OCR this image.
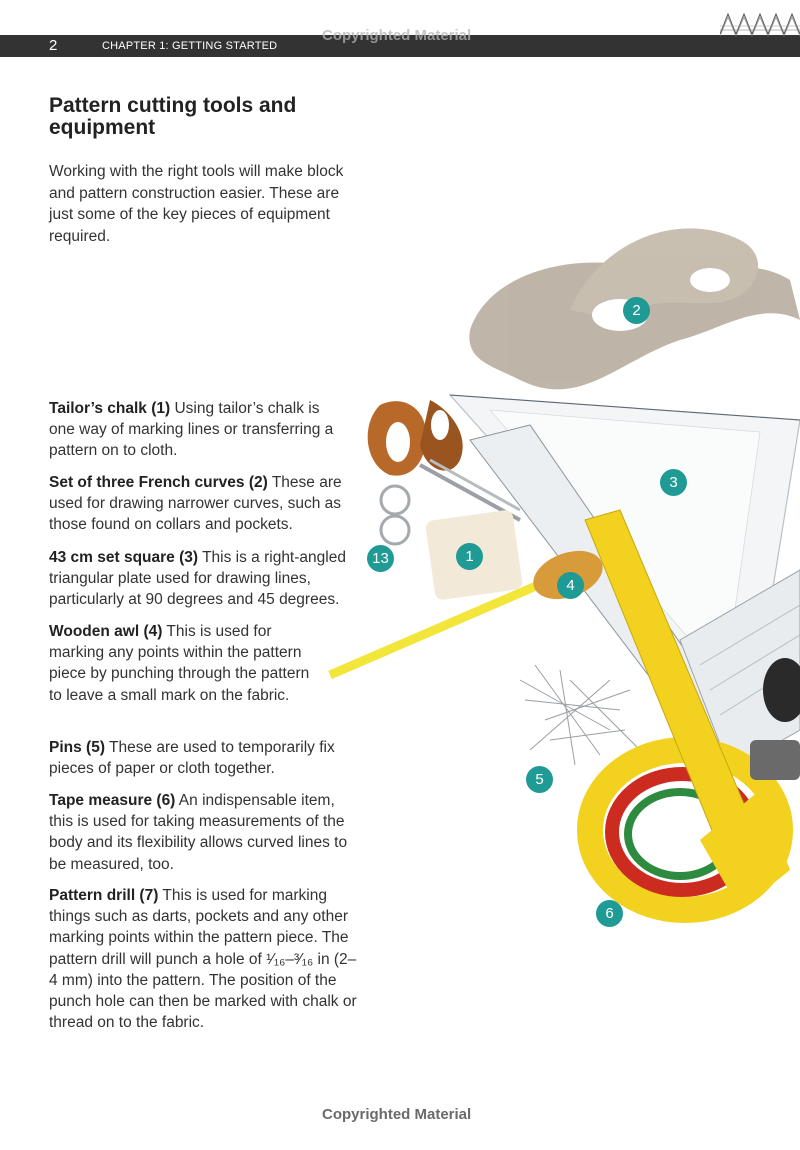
2	CHAPTER 1: GETTING STARTED
Copyrighted Material
Pattern cutting tools and equipment

Working with the right tools will make block and pattern construction easier. These are just some of the key pieces of equipment required.

Tailor’s chalk (1) Using tailor’s chalk is one way of marking lines or transferring a pattern on to cloth.

Set of three French curves (2) These are used for drawing narrower curves, such as those found on collars and pockets.

43 cm set square (3) This is a right-angled triangular plate used for drawing lines, particularly at 90 degrees and 45 degrees.

Wooden awl (4) This is used for marking any points within the pattern piece by punching through the pattern to leave a small mark on the fabric.

Pins (5) These are used to temporarily fix pieces of paper or cloth together.

Tape measure (6) An indispensable item, this is used for taking measurements of the body and its flexibility allows curved lines to be measured, too.

Pattern drill (7) This is used for marking things such as darts, pockets and any other marking points within the pattern piece. The pattern drill will punch a hole of ¹⁄₁₆–³⁄₁₆ in (2–4 mm) into the pattern. The position of the punch hole can then be marked with chalk or thread on to the fabric.

2
3
13	1
4
5
6
Copyrighted Material
